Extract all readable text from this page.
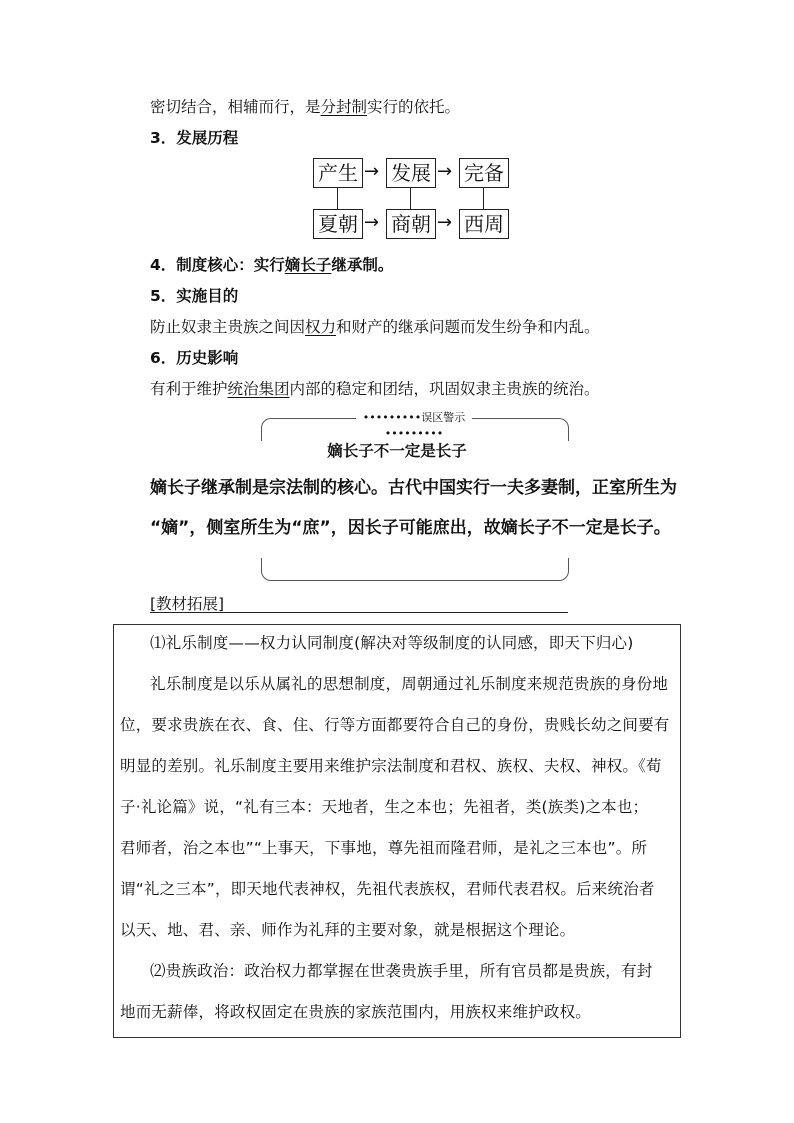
密切结合，相辅而行，是分封制实行的依托。
3．发展历程
产生 → 发展 → 完备
夏朝 → 商朝 → 西周
4．制度核心：实行嫡长子继承制。
5．实施目的
防止奴隶主贵族之间因权力和财产的继承问题而发生纷争和内乱。
6．历史影响
有利于维护统治集团内部的稳定和团结，巩固奴隶主贵族的统治。
•••••••••误区警示•••••••••
嫡长子不一定是长子
嫡长子继承制是宗法制的核心。古代中国实行一夫多妻制，正室所生为
“嫡”，侧室所生为“庶”，因长子可能庶出，故嫡长子不一定是长子。
[教材拓展]
⑴礼乐制度——权力认同制度(解决对等级制度的认同感，即天下归心)
礼乐制度是以乐从属礼的思想制度，周朝通过礼乐制度来规范贵族的身份地
位，要求贵族在衣、食、住、行等方面都要符合自己的身份，贵贱长幼之间要有
明显的差别。礼乐制度主要用来维护宗法制度和君权、族权、夫权、神权。《荀
子·礼论篇》说，“礼有三本：天地者，生之本也；先祖者，类(族类)之本也；
君师者，治之本也”“上事天，下事地，尊先祖而隆君师，是礼之三本也”。所
谓“礼之三本”，即天地代表神权，先祖代表族权，君师代表君权。后来统治者
以天、地、君、亲、师作为礼拜的主要对象，就是根据这个理论。
⑵贵族政治：政治权力都掌握在世袭贵族手里，所有官员都是贵族，有封
地而无薪俸，将政权固定在贵族的家族范围内，用族权来维护政权。
